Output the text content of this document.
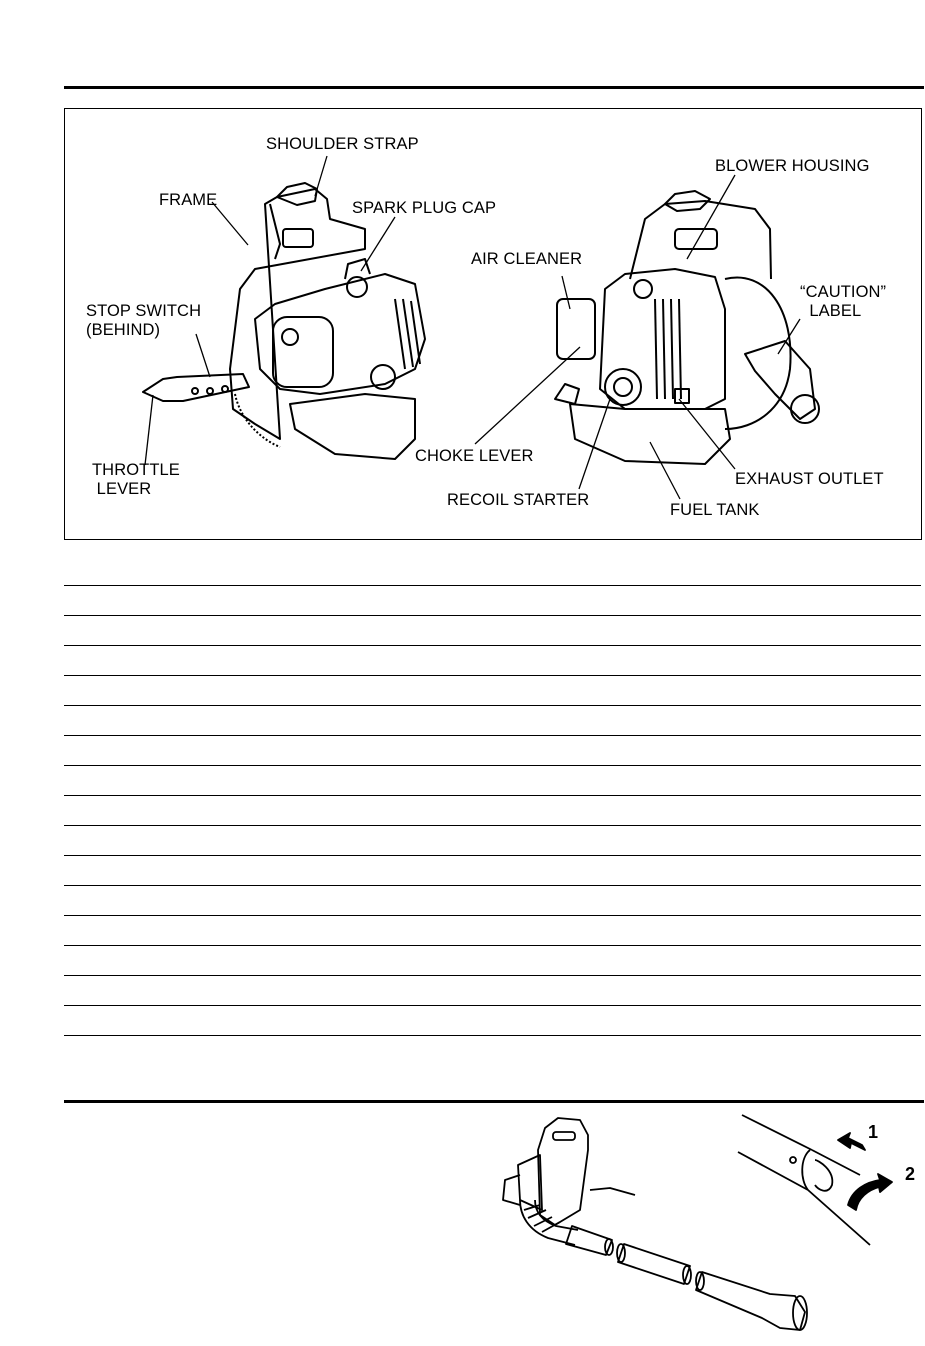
SHOULDER STRAP
FRAME	SPARK PLUG CAP
STOP SWITCH
(BEHIND)
THROTTLE
LEVER
BLOWER HOUSING
AIR CLEANER
“CAUTION”
LABEL
CHOKE LEVER
EXHAUST OUTLET
RECOIL STARTER
FUEL TANK
1
2
